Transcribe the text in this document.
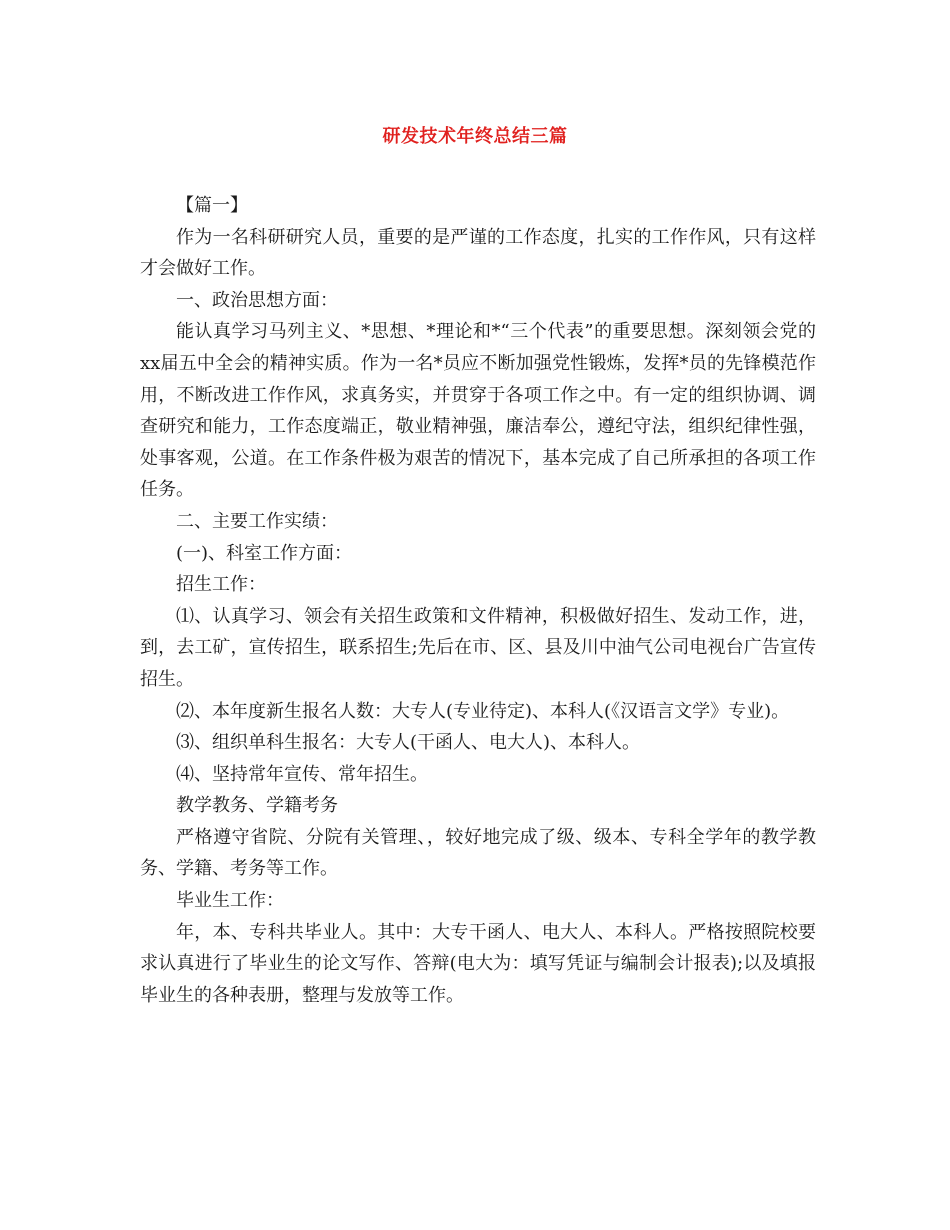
研发技术年终总结三篇

【篇一】

作为一名科研研究人员，重要的是严谨的工作态度，扎实的工作作风，只有这样才会做好工作。

一、政治思想方面：

能认真学习马列主义、*思想、*理论和*“三个代表”的重要思想。深刻领会党的xx届五中全会的精神实质。作为一名*员应不断加强党性锻炼，发挥*员的先锋模范作用，不断改进工作作风，求真务实，并贯穿于各项工作之中。有一定的组织协调、调查研究和能力，工作态度端正，敬业精神强，廉洁奉公，遵纪守法，组织纪律性强，处事客观，公道。在工作条件极为艰苦的情况下，基本完成了自己所承担的各项工作任务。

二、主要工作实绩：

(一)、科室工作方面：

招生工作：

⑴、认真学习、领会有关招生政策和文件精神，积极做好招生、发动工作，进，到，去工矿，宣传招生，联系招生;先后在市、区、县及川中油气公司电视台广告宣传招生。

⑵、本年度新生报名人数：大专人(专业待定)、本科人(《汉语言文学》专业)。

⑶、组织单科生报名：大专人(干函人、电大人)、本科人。

⑷、坚持常年宣传、常年招生。

教学教务、学籍考务

严格遵守省院、分院有关管理、，较好地完成了级、级本、专科全学年的教学教务、学籍、考务等工作。

毕业生工作：

年，本、专科共毕业人。其中：大专干函人、电大人、本科人。严格按照院校要求认真进行了毕业生的论文写作、答辩(电大为：填写凭证与编制会计报表);以及填报毕业生的各种表册，整理与发放等工作。
